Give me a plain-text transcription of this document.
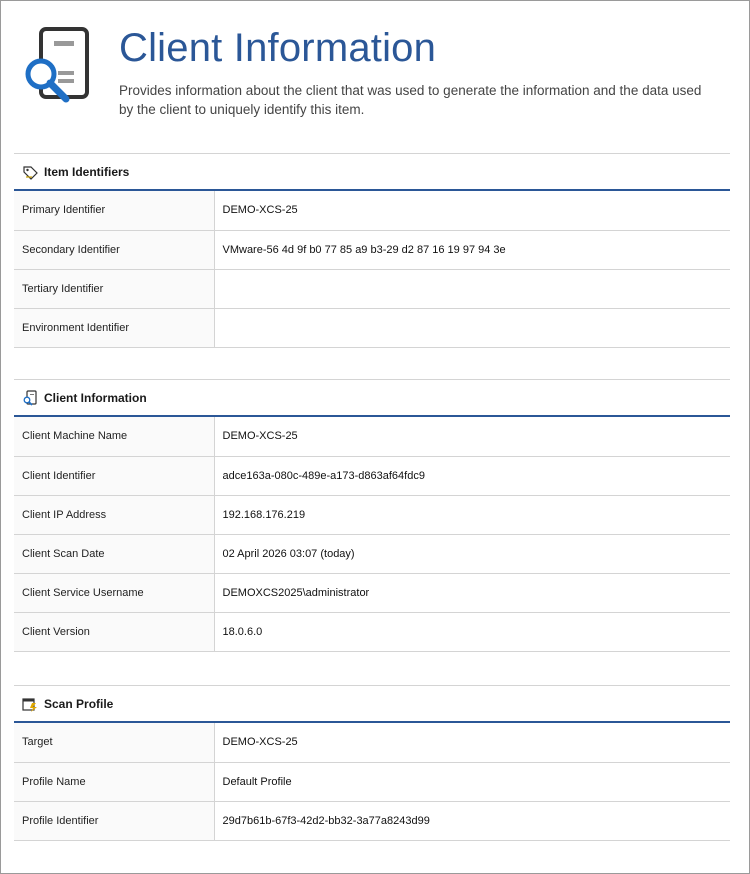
Client Information

Provides information about the client that was used to generate the information and the data used by the client to uniquely identify this item.

Item Identifiers
Primary Identifier	DEMO-XCS-25
Secondary Identifier	VMware-56 4d 9f b0 77 85 a9 b3-29 d2 87 16 19 97 94 3e
Tertiary Identifier	
Environment Identifier	
Client Information
Client Machine Name	DEMO-XCS-25
Client Identifier	adce163a-080c-489e-a173-d863af64fdc9
Client IP Address	192.168.176.219
Client Scan Date	02 April 2026 03:07 (today)
Client Service Username	DEMOXCS2025\administrator
Client Version	18.0.6.0
Scan Profile
Target	DEMO-XCS-25
Profile Name	Default Profile
Profile Identifier	29d7b61b-67f3-42d2-bb32-3a77a8243d99
